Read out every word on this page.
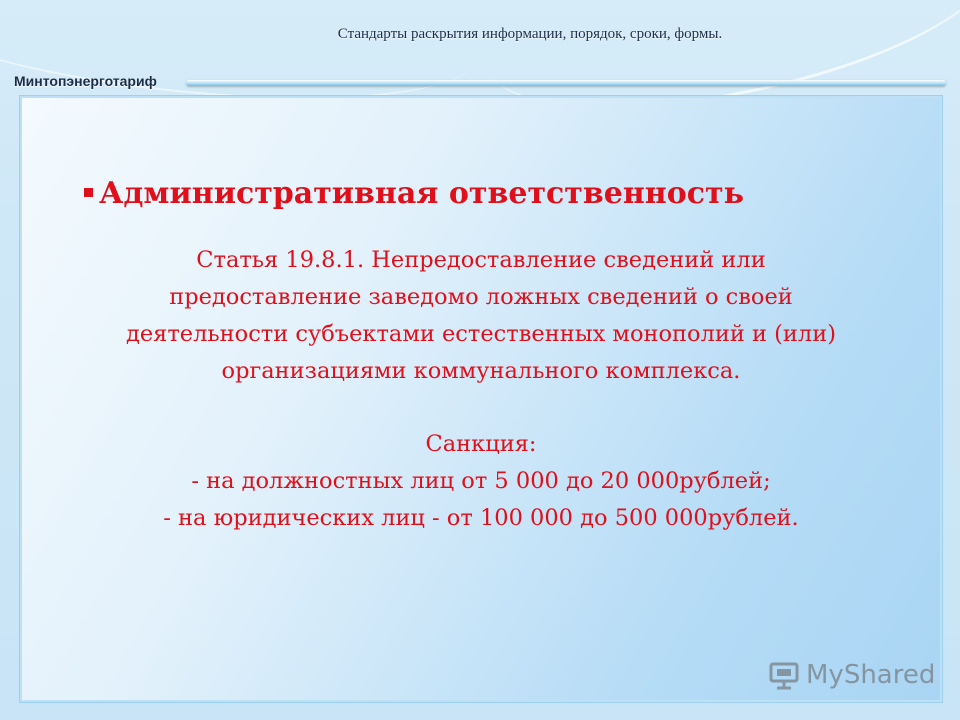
Стандарты раскрытия информации, порядок, сроки, формы.
Минтопэнерготариф
Административная ответственность

Статья 19.8.1. Непредоставление сведений или

предоставление заведомо ложных сведений о своей

деятельности субъектами естественных монополий и (или)

организациями коммунального комплекса.

Санкция:

- на должностных лиц от 5 000 до 20 000рублей;

- на юридических лиц - от 100 000 до 500 000рублей.

MyShared
